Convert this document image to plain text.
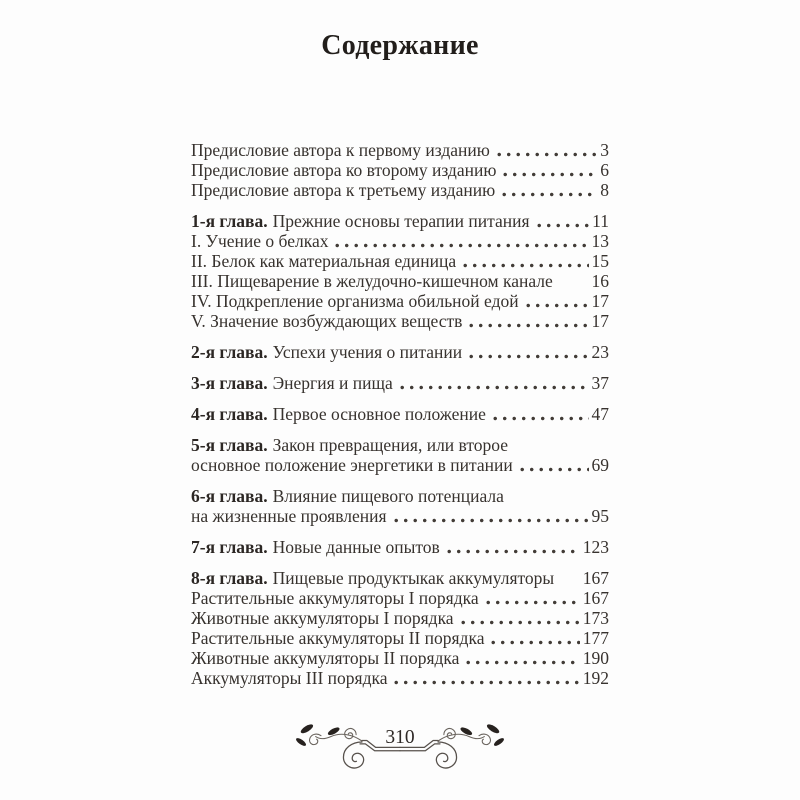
Содержание
Предисловие автора к первому изданию	3
Предисловие автора ко второму изданию	6
Предисловие автора к третьему изданию	8
1-я глава. Прежние основы терапии питания	11
I. Учение о белках	13
II. Белок как материальная единица	15
III. Пищеварение в желудочно-кишечном канале 16
IV. Подкрепление организма обильной едой	17
V. Значение возбуждающих веществ	17
2-я глава. Успехи учения о питании	23
3-я глава. Энергия и пища	37
4-я глава. Первое основное положение	47
5-я глава. Закон превращения, или второе
основное положение энергетики в питании	69
6-я глава. Влияние пищевого потенциала
на жизненные проявления	95
7-я глава. Новые данные опытов	123
8-я глава. Пищевые продуктыкак аккумуляторы 167
Растительные аккумуляторы I порядка	167
Животные аккумуляторы I порядка	173
Растительные аккумуляторы II порядка	177
Животные аккумуляторы II порядка	190
Аккумуляторы III порядка	192
310
